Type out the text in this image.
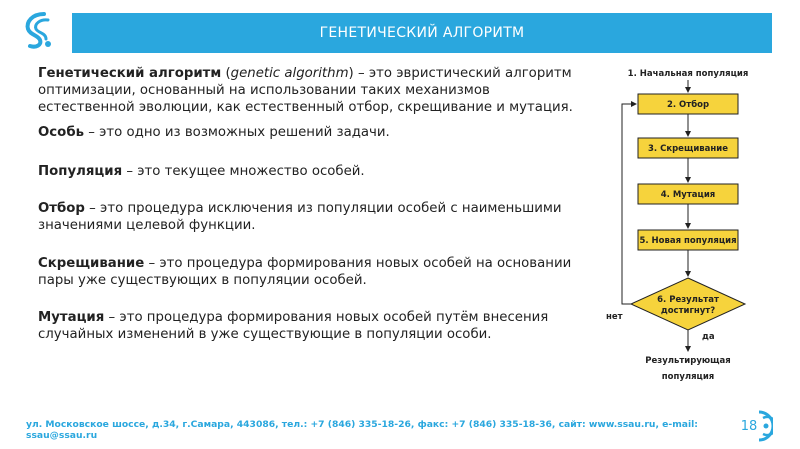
ГЕНЕТИЧЕСКИЙ АЛГОРИТМ

Генетический алгоритм (genetic algorithm) – это эвристический алгоритм оптимизации, основанный на использовании таких механизмов естественной эволюции, как естественный отбор, скрещивание и мутация.

Особь – это одно из возможных решений задачи.

Популяция – это текущее множество особей.

Отбор – это процедура исключения из популяции особей с наименьшими значениями целевой функции.

Скрещивание – это процедура формирования новых особей на основании пары уже существующих в популяции особей.

Мутация – это процедура формирования новых особей путём внесения случайных изменений в уже существующие в популяции особи.

1. Начальная популяция
2. Отбор
3. Скрещивание
4. Мутация
5. Новая популяция
6. Результат
достигнут?
нет
да
Результирующая
популяция
ул. Московское шоссе, д.34, г.Самара, 443086, тел.: +7 (846) 335-18-26, факс: +7 (846) 335-18-36, сайт: www.ssau.ru, e-mail: ssau@ssau.ru
18
